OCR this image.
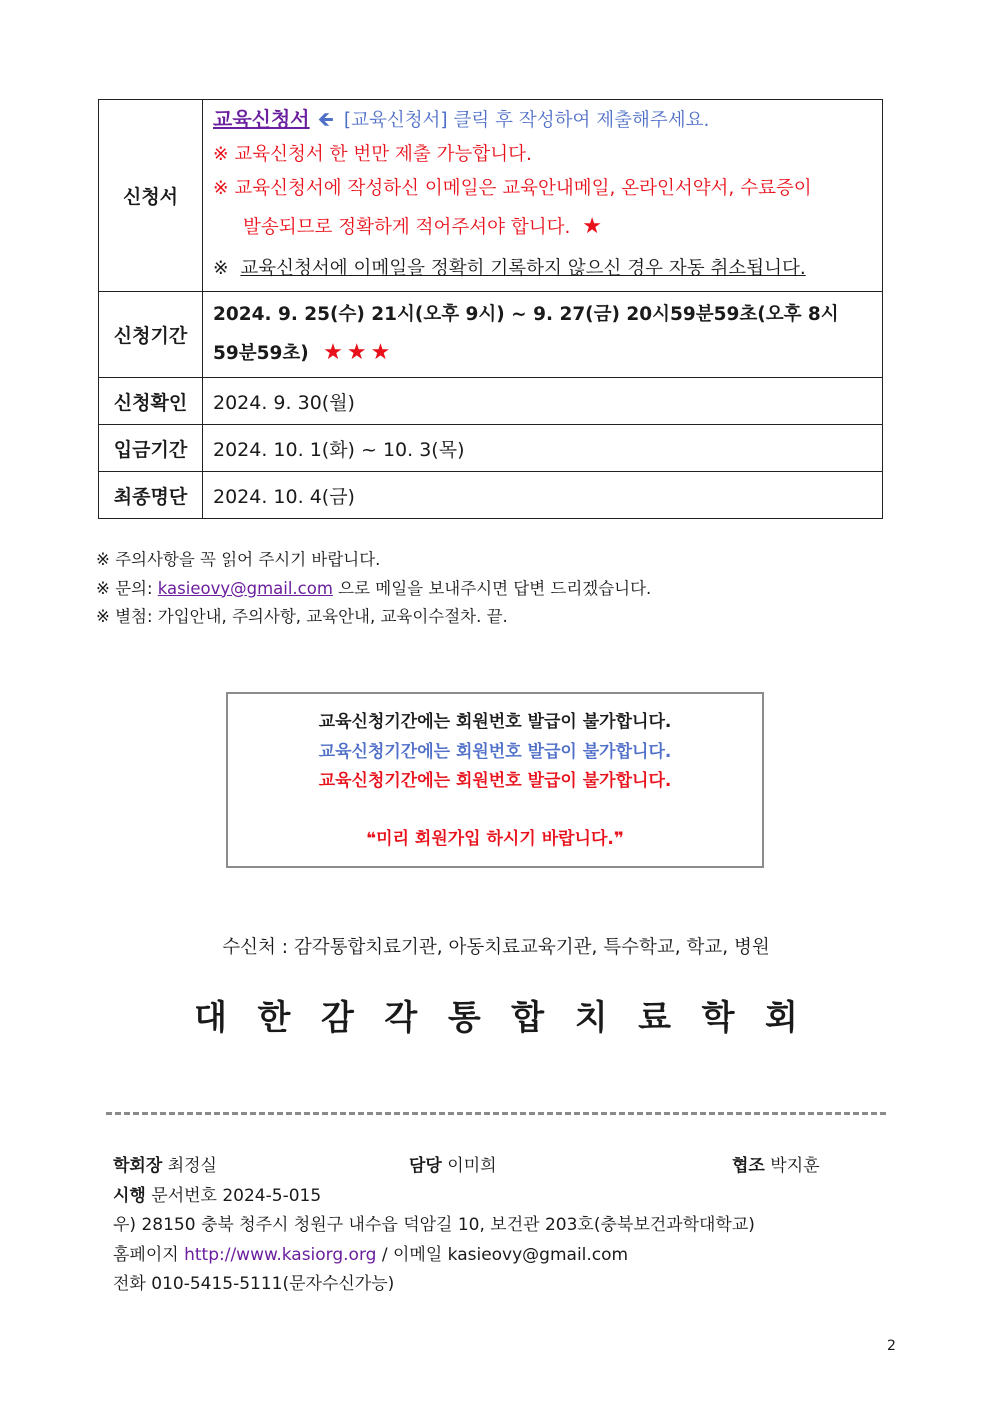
신청서	교육신청서 🡸 [교육신청서] 클릭 후 작성하여 제출해주세요.
※ 교육신청서 한 번만 제출 가능합니다.
※ 교육신청서에 작성하신 이메일은 교육안내메일, 온라인서약서, 수료증이
발송되므로 정확하게 적어주셔야 합니다. ★
※ 교육신청서에 이메일을 정확히 기록하지 않으신 경우 자동 취소됩니다.

신청기간	2024. 9. 25(수) 21시(오후 9시) ~ 9. 27(금) 20시59분59초(오후 8시
59분59초) ★★★

신청확인	2024. 9. 30(월)
입금기간	2024. 10. 1(화) ~ 10. 3(목)
최종명단	2024. 10. 4(금)
※ 주의사항을 꼭 읽어 주시기 바랍니다.
※ 문의: kasieovy@gmail.com 으로 메일을 보내주시면 답변 드리겠습니다.
※ 별첨: 가입안내, 주의사항, 교육안내, 교육이수절차. 끝.
교육신청기간에는 회원번호 발급이 불가합니다.
교육신청기간에는 회원번호 발급이 불가합니다.
교육신청기간에는 회원번호 발급이 불가합니다.
❝미리 회원가입 하시기 바랍니다.❞
수신처 : 감각통합치료기관, 아동치료교육기관, 특수학교, 학교, 병원
대한감각통합치료학회
학회장 최정실	담당 이미희	협조 박지훈
시행 문서번호 2024-5-015
우) 28150 충북 청주시 청원구 내수읍 덕암길 10, 보건관 203호(충북보건과학대학교)
홈페이지 http://www.kasiorg.org / 이메일 kasieovy@gmail.com
전화 010-5415-5111(문자수신가능)
2
